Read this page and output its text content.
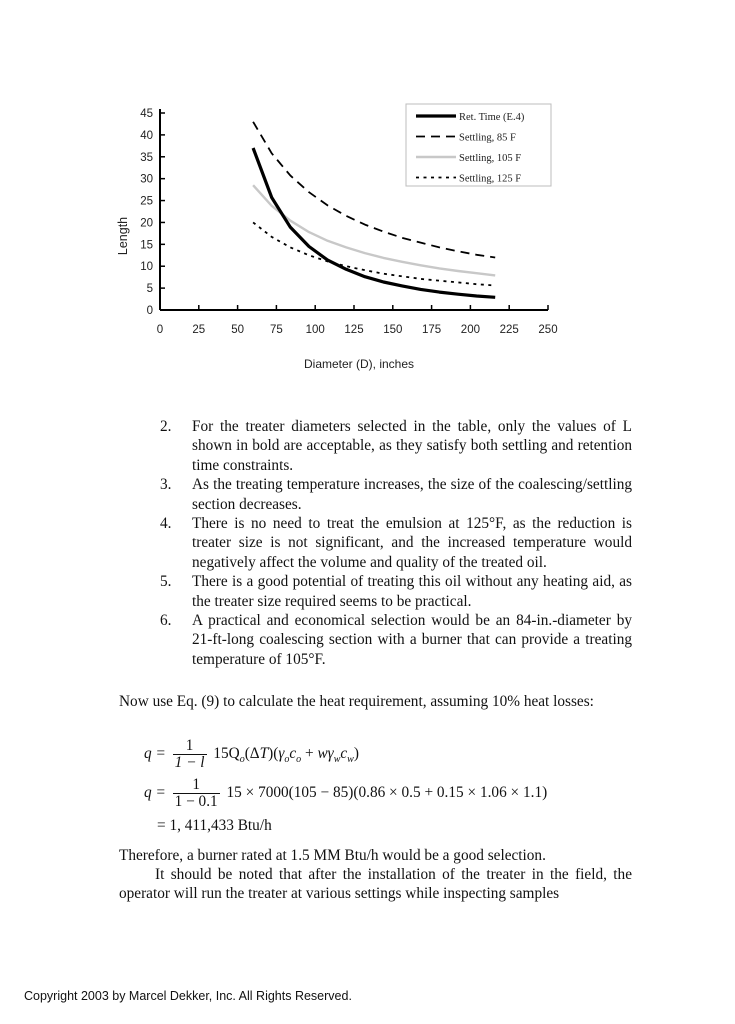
0	25 50 75 100 125 150 175 200 225 250
0
5
10
15
20
25
30
35
40
45
Diameter (D), inches
Length
Ret. Time (E.4)
Settling, 85 F
Settling, 105 F
Settling, 125 F
2. For the treater diameters selected in the table, only the values of L shown in bold are acceptable, as they satisfy both settling and retention time constraints.
3. As the treating temperature increases, the size of the coalescing/settling section decreases.
4. There is no need to treat the emulsion at 125°F, as the reduction is treater size is not significant, and the increased temperature would negatively affect the volume and quality of the treated oil.
5. There is a good potential of treating this oil without any heating aid, as the treater size required seems to be practical.
6. A practical and economical selection would be an 84-in.-diameter by 21-ft-long coalescing section with a burner that can provide a treating temperature of 105°F.

Now use Eq. (9) to calculate the heat requirement, assuming 10% heat losses:

$q = \frac{1}{1 - l} 15Q_o(\Delta T)(\gamma_oc_o + w\gamma_wc_w)$
$q = \frac{1}{1 - 0.1} 15 \times 7000(105 - 85)(0.86 \times 0.5 + 0.15 \times 1.06 \times 1.1)$
= 1, 411,433 Btu/h

Therefore, a burner rated at 1.5 MM Btu/h would be a good selection.

It should be noted that after the installation of the treater in the field, the operator will run the treater at various settings while inspecting samples

Copyright 2003 by Marcel Dekker, Inc. All Rights Reserved.
